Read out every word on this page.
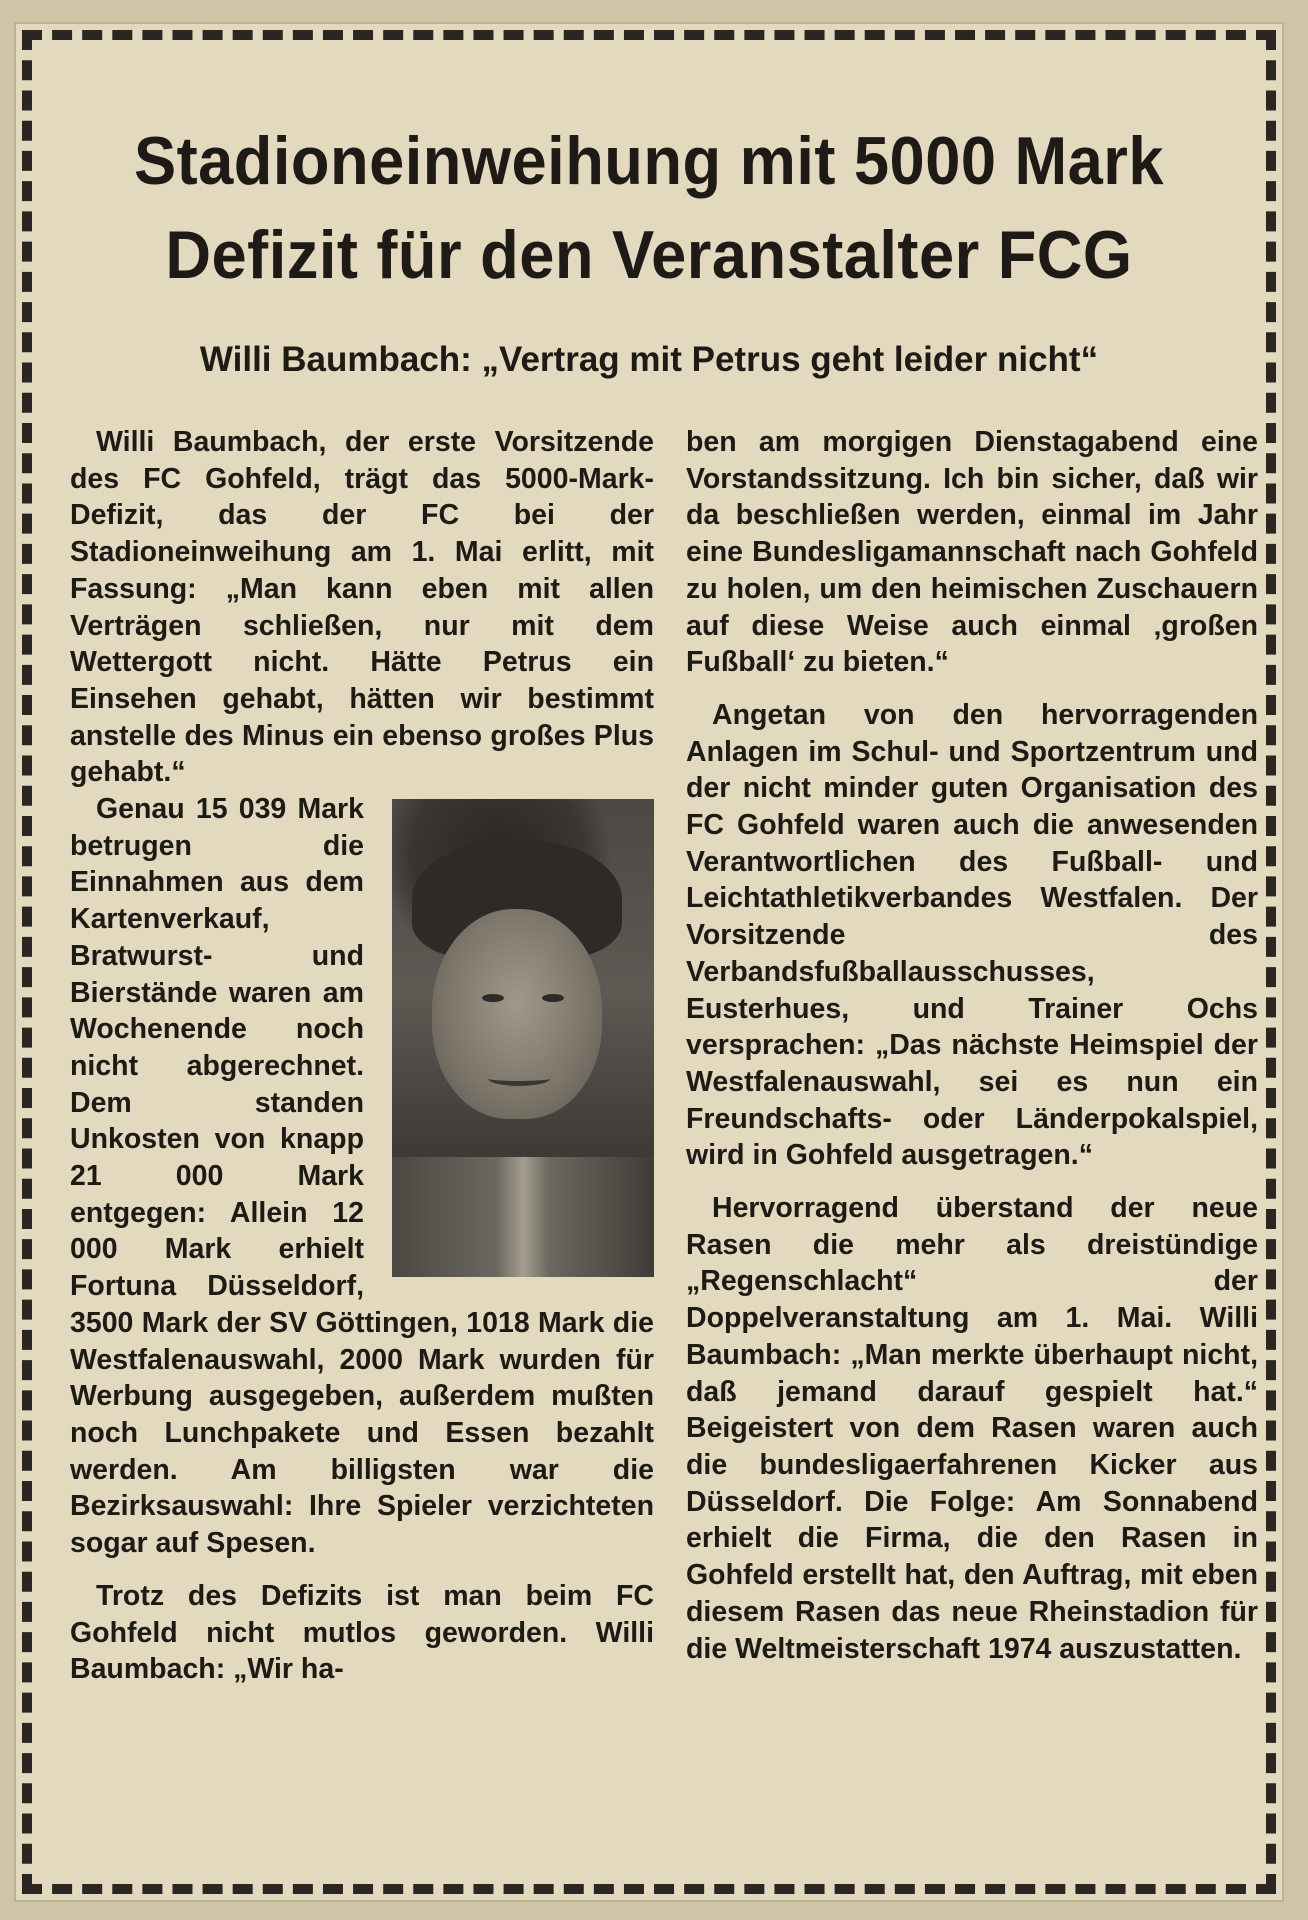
Stadioneinweihung mit 5000 Mark Defizit für den Veranstalter FCG
Willi Baumbach: „Vertrag mit Petrus geht leider nicht“

Willi Baumbach, der erste Vorsitzende des FC Gohfeld, trägt das 5000-Mark-Defizit, das der FC bei der Stadioneinweihung am 1. Mai erlitt, mit Fassung: „Man kann eben mit allen Verträgen schließen, nur mit dem Wettergott nicht. Hätte Petrus ein Einsehen gehabt, hätten wir bestimmt anstelle des Minus ein ebenso großes Plus gehabt.“

Genau 15 039 Mark betrugen die Einnahmen aus dem Kartenverkauf, Bratwurst- und Bierstände waren am Wochenende noch nicht abgerechnet. Dem standen Unkosten von knapp 21 000 Mark entgegen: Allein 12 000 Mark erhielt Fortuna Düsseldorf, 3500 Mark der SV Göttingen, 1018 Mark die Westfalenauswahl, 2000 Mark wurden für Werbung ausgegeben, außerdem mußten noch Lunchpakete und Essen bezahlt werden. Am billigsten war die Bezirksauswahl: Ihre Spieler verzichteten sogar auf Spesen.

Trotz des Defizits ist man beim FC Gohfeld nicht mutlos geworden. Willi Baumbach: „Wir ha-

ben am morgigen Dienstagabend eine Vorstandssitzung. Ich bin sicher, daß wir da beschließen werden, einmal im Jahr eine Bundesligamannschaft nach Gohfeld zu holen, um den heimischen Zuschauern auf diese Weise auch einmal ‚großen Fußball‘ zu bieten.“

Angetan von den hervorragenden Anlagen im Schul- und Sportzentrum und der nicht minder guten Organisation des FC Gohfeld waren auch die anwesenden Verantwortlichen des Fußball- und Leichtathletikverbandes Westfalen. Der Vorsitzende des Verbandsfußballausschusses, Eusterhues, und Trainer Ochs versprachen: „Das nächste Heimspiel der Westfalenauswahl, sei es nun ein Freundschafts- oder Länderpokalspiel, wird in Gohfeld ausgetragen.“

Hervorragend überstand der neue Rasen die mehr als dreistündige „Regenschlacht“ der Doppelveranstaltung am 1. Mai. Willi Baumbach: „Man merkte überhaupt nicht, daß jemand darauf gespielt hat.“ Beigeistert von dem Rasen waren auch die bundesligaerfahrenen Kicker aus Düsseldorf. Die Folge: Am Sonnabend erhielt die Firma, die den Rasen in Gohfeld erstellt hat, den Auftrag, mit eben diesem Rasen das neue Rheinstadion für die Weltmeisterschaft 1974 auszustatten.
